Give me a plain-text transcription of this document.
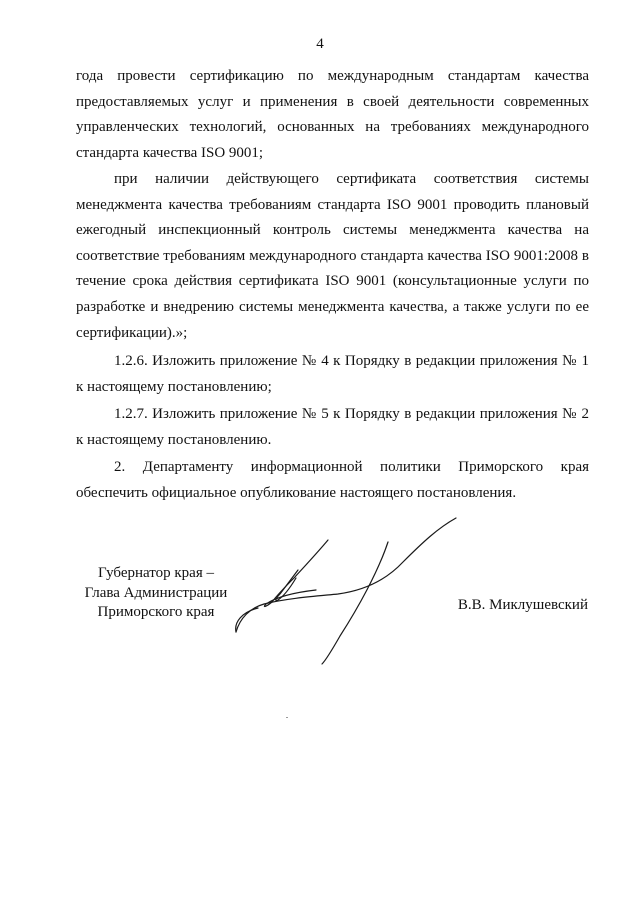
4
года провести сертификацию по международным стандартам качества
предоставляемых услуг и применения в своей деятельности современных
управленческих технологий, основанных на требованиях международного
стандарта качества ISO 9001;
при наличии действующего сертификата соответствия системы
менеджмента качества требованиям стандарта ISO 9001 проводить плановый
ежегодный инспекционный контроль системы менеджмента качества на
соответствие требованиям международного стандарта качества ISO 9001:2008 в
течение срока действия сертификата ISO 9001 (консультационные услуги по
разработке и внедрению системы менеджмента качества, а также услуги по ее
сертификации).»;
1.2.6. Изложить приложение № 4 к Порядку в редакции приложения № 1
к настоящему постановлению;
1.2.7. Изложить приложение № 5 к Порядку в редакции приложения № 2
к настоящему постановлению.
2. Департаменту информационной политики Приморского края
обеспечить официальное опубликование настоящего постановления.
Губернатор края –
Глава Администрации
Приморского края	В.В. Миклушевский
